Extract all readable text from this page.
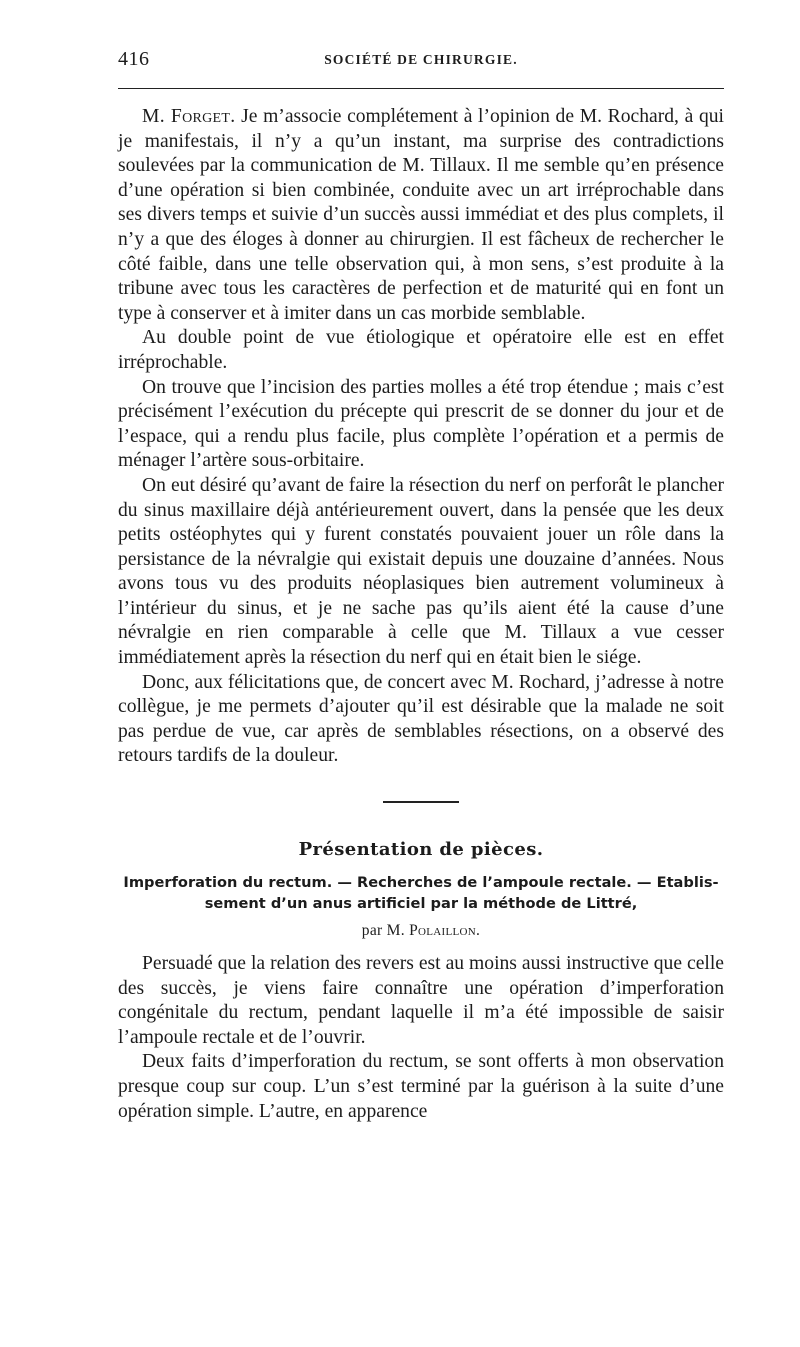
416	SOCIÉTÉ DE CHIRURGIE.

M. Forget. Je m’associe complétement à l’opinion de M. Rochard, à qui je manifestais, il n’y a qu’un instant, ma surprise des contradictions soulevées par la communication de M. Tillaux. Il me semble qu’en présence d’une opération si bien combinée, conduite avec un art irréprochable dans ses divers temps et suivie d’un succès aussi immédiat et des plus complets, il n’y a que des éloges à donner au chirurgien. Il est fâcheux de rechercher le côté faible, dans une telle observation qui, à mon sens, s’est produite à la tribune avec tous les caractères de perfection et de maturité qui en font un type à conserver et à imiter dans un cas morbide semblable.

Au double point de vue étiologique et opératoire elle est en effet irréprochable.

On trouve que l’incision des parties molles a été trop étendue ; mais c’est précisément l’exécution du précepte qui prescrit de se donner du jour et de l’espace, qui a rendu plus facile, plus complète l’opération et a permis de ménager l’artère sous-orbitaire.

On eut désiré qu’avant de faire la résection du nerf on perforât le plancher du sinus maxillaire déjà antérieurement ouvert, dans la pensée que les deux petits ostéophytes qui y furent constatés pouvaient jouer un rôle dans la persistance de la névralgie qui existait depuis une douzaine d’années. Nous avons tous vu des produits néoplasiques bien autrement volumineux à l’intérieur du sinus, et je ne sache pas qu’ils aient été la cause d’une névralgie en rien comparable à celle que M. Tillaux a vue cesser immédiatement après la résection du nerf qui en était bien le siége.

Donc, aux félicitations que, de concert avec M. Rochard, j’adresse à notre collègue, je me permets d’ajouter qu’il est désirable que la malade ne soit pas perdue de vue, car après de semblables résections, on a observé des retours tardifs de la douleur.

Présentation de pièces.
Imperforation du rectum. — Recherches de l’ampoule rectale. — Etablis-
sement d’un anus artificiel par la méthode de Littré,
par M. Polaillon.

Persuadé que la relation des revers est au moins aussi instructive que celle des succès, je viens faire connaître une opération d’imperforation congénitale du rectum, pendant laquelle il m’a été impossible de saisir l’ampoule rectale et de l’ouvrir.

Deux faits d’imperforation du rectum, se sont offerts à mon observation presque coup sur coup. L’un s’est terminé par la guérison à la suite d’une opération simple. L’autre, en apparence
